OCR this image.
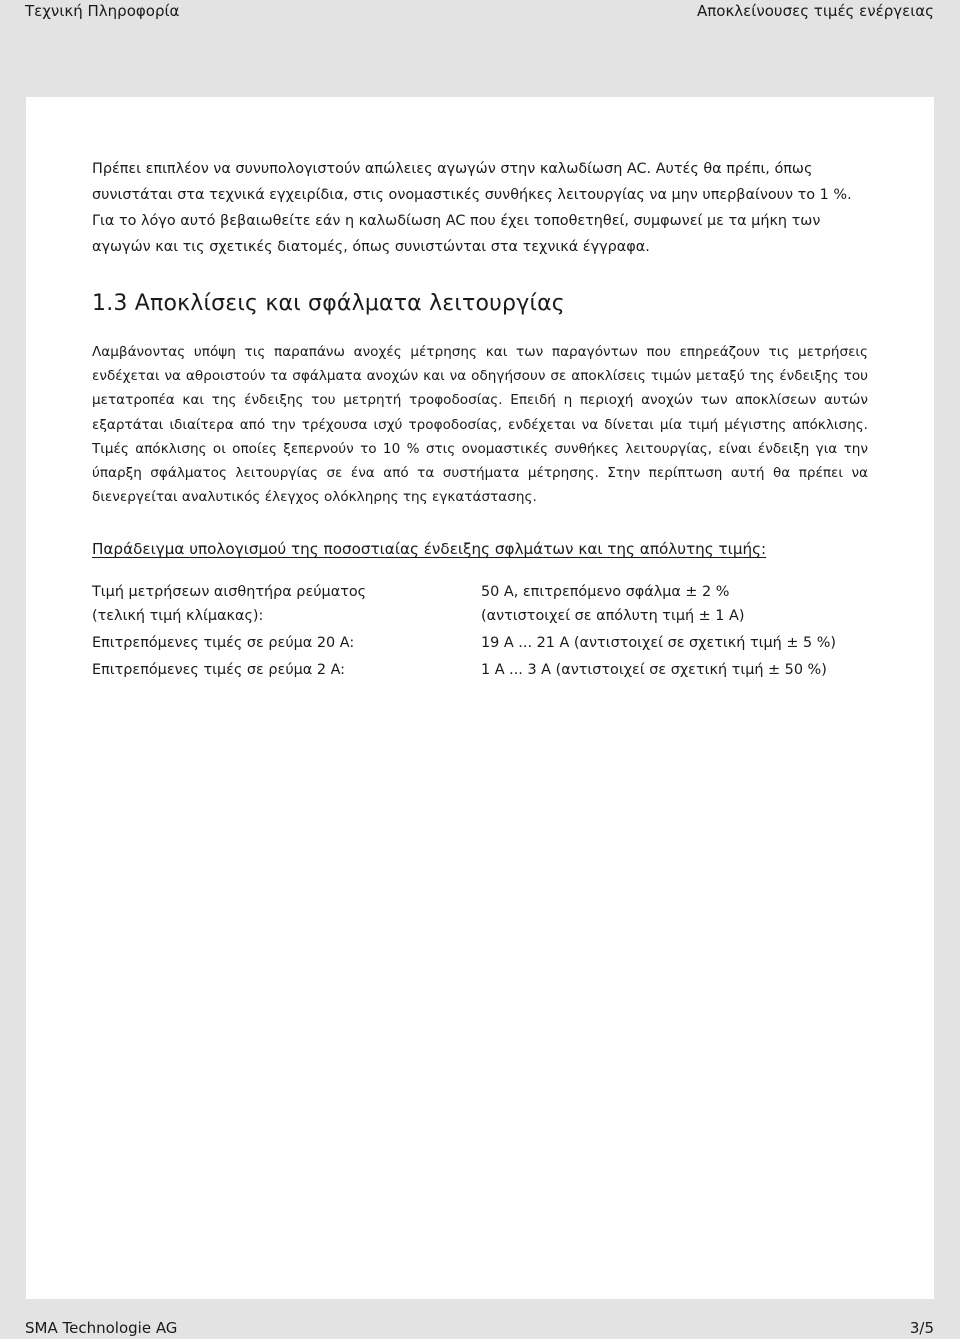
Τεχνική Πληροφορία	Αποκλείνουσες τιμές ενέργειας

Πρέπει επιπλέον να συνυπολογιστούν απώλειες αγωγών στην καλωδίωση AC. Αυτές θα πρέπι, όπως συνιστάται στα τεχνικά εγχειρίδια, στις ονομαστικές συνθήκες λειτουργίας να μην υπερβαίνουν το 1 %. Για το λόγο αυτό βεβαιωθείτε εάν η καλωδίωση AC που έχει τοποθετηθεί, συμφωνεί με τα μήκη των αγωγών και τις σχετικές διατομές, όπως συνιστώνται στα τεχνικά έγγραφα.

1.3 Αποκλίσεις και σφάλματα λειτουργίας

Λαμβάνοντας υπόψη τις παραπάνω ανοχές μέτρησης και των παραγόντων που επηρεάζουν τις μετρήσεις ενδέχεται να αθροιστούν τα σφάλματα ανοχών και να οδηγήσουν σε αποκλίσεις τιμών μεταξύ της ένδειξης του μετατροπέα και της ένδειξης του μετρητή τροφοδοσίας. Επειδή η περιοχή ανοχών των αποκλίσεων αυτών εξαρτάται ιδιαίτερα από την τρέχουσα ισχύ τροφοδοσίας, ενδέχεται να δίνεται μία τιμή μέγιστης απόκλισης. Τιμές απόκλισης οι οποίες ξεπερνούν το 10 % στις ονομαστικές συνθήκες λειτουργίας, είναι ένδειξη για την ύπαρξη σφάλματος λειτουργίας σε ένα από τα συστήματα μέτρησης. Στην περίπτωση αυτή θα πρέπει να διενεργείται αναλυτικός έλεγχος ολόκληρης της εγκατάστασης.

Παράδειγμα υπολογισμού της ποσοστιαίας ένδειξης σφλμάτων και της απόλυτης τιμής:
Τιμή μετρήσεων αισθητήρα ρεύματος	50 A, επιτρεπόμενο σφάλμα ± 2 %
(τελική τιμή κλίμακας):	(αντιστοιχεί σε απόλυτη τιμή ± 1 A)
Επιτρεπόμενες τιμές σε ρεύμα 20 A:	19 A ... 21 A (αντιστοιχεί σε σχετική τιμή ± 5 %)
Επιτρεπόμενες τιμές σε ρεύμα 2 A:	1 A ... 3 A (αντιστοιχεί σε σχετική τιμή ± 50 %)
SMA Technologie AG	3/5
